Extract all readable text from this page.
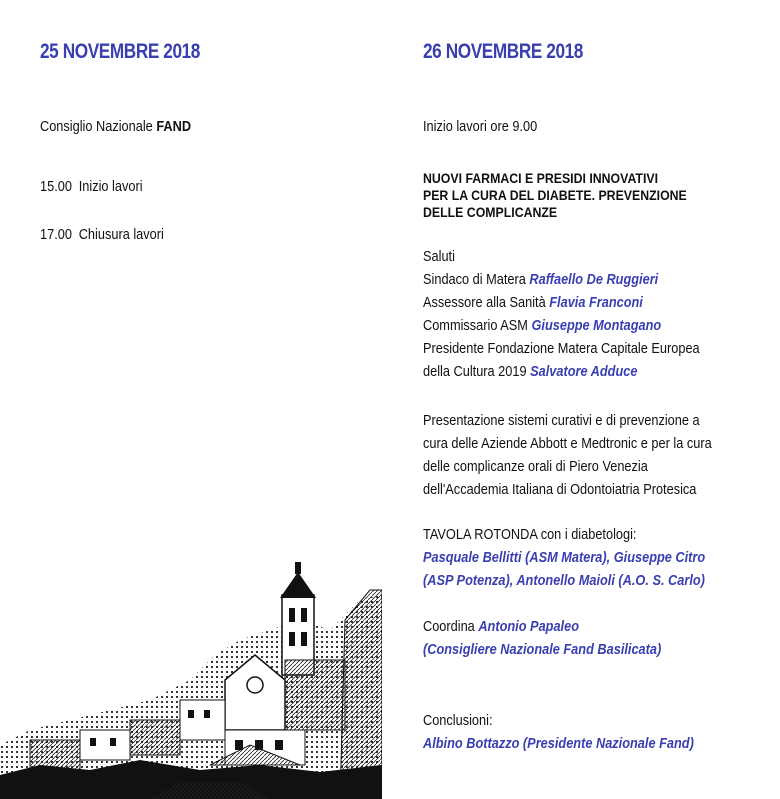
25 NOVEMBRE 2018
Consiglio Nazionale FAND
15.00 Inizio lavori
17.00 Chiusura lavori
26 NOVEMBRE 2018
Inizio lavori ore 9.00
NUOVI FARMACI E PRESIDI INNOVATIVI
PER LA CURA DEL DIABETE. PREVENZIONE
DELLE COMPLICANZE
Saluti
Sindaco di Matera Raffaello De Ruggieri
Assessore alla Sanità Flavia Franconi
Commissario ASM Giuseppe Montagano
Presidente Fondazione Matera Capitale Europea
della Cultura 2019 Salvatore Adduce
Presentazione sistemi curativi e di prevenzione a
cura delle Aziende Abbott e Medtronic e per la cura
delle complicanze orali di Piero Venezia
dell'Accademia Italiana di Odontoiatria Protesica
TAVOLA ROTONDA con i diabetologi:
Pasquale Bellitti (ASM Matera), Giuseppe Citro
(ASP Potenza), Antonello Maioli (A.O. S. Carlo)
Coordina Antonio Papaleo
(Consigliere Nazionale Fand Basilicata)
Conclusioni:
Albino Bottazzo (Presidente Nazionale Fand)
